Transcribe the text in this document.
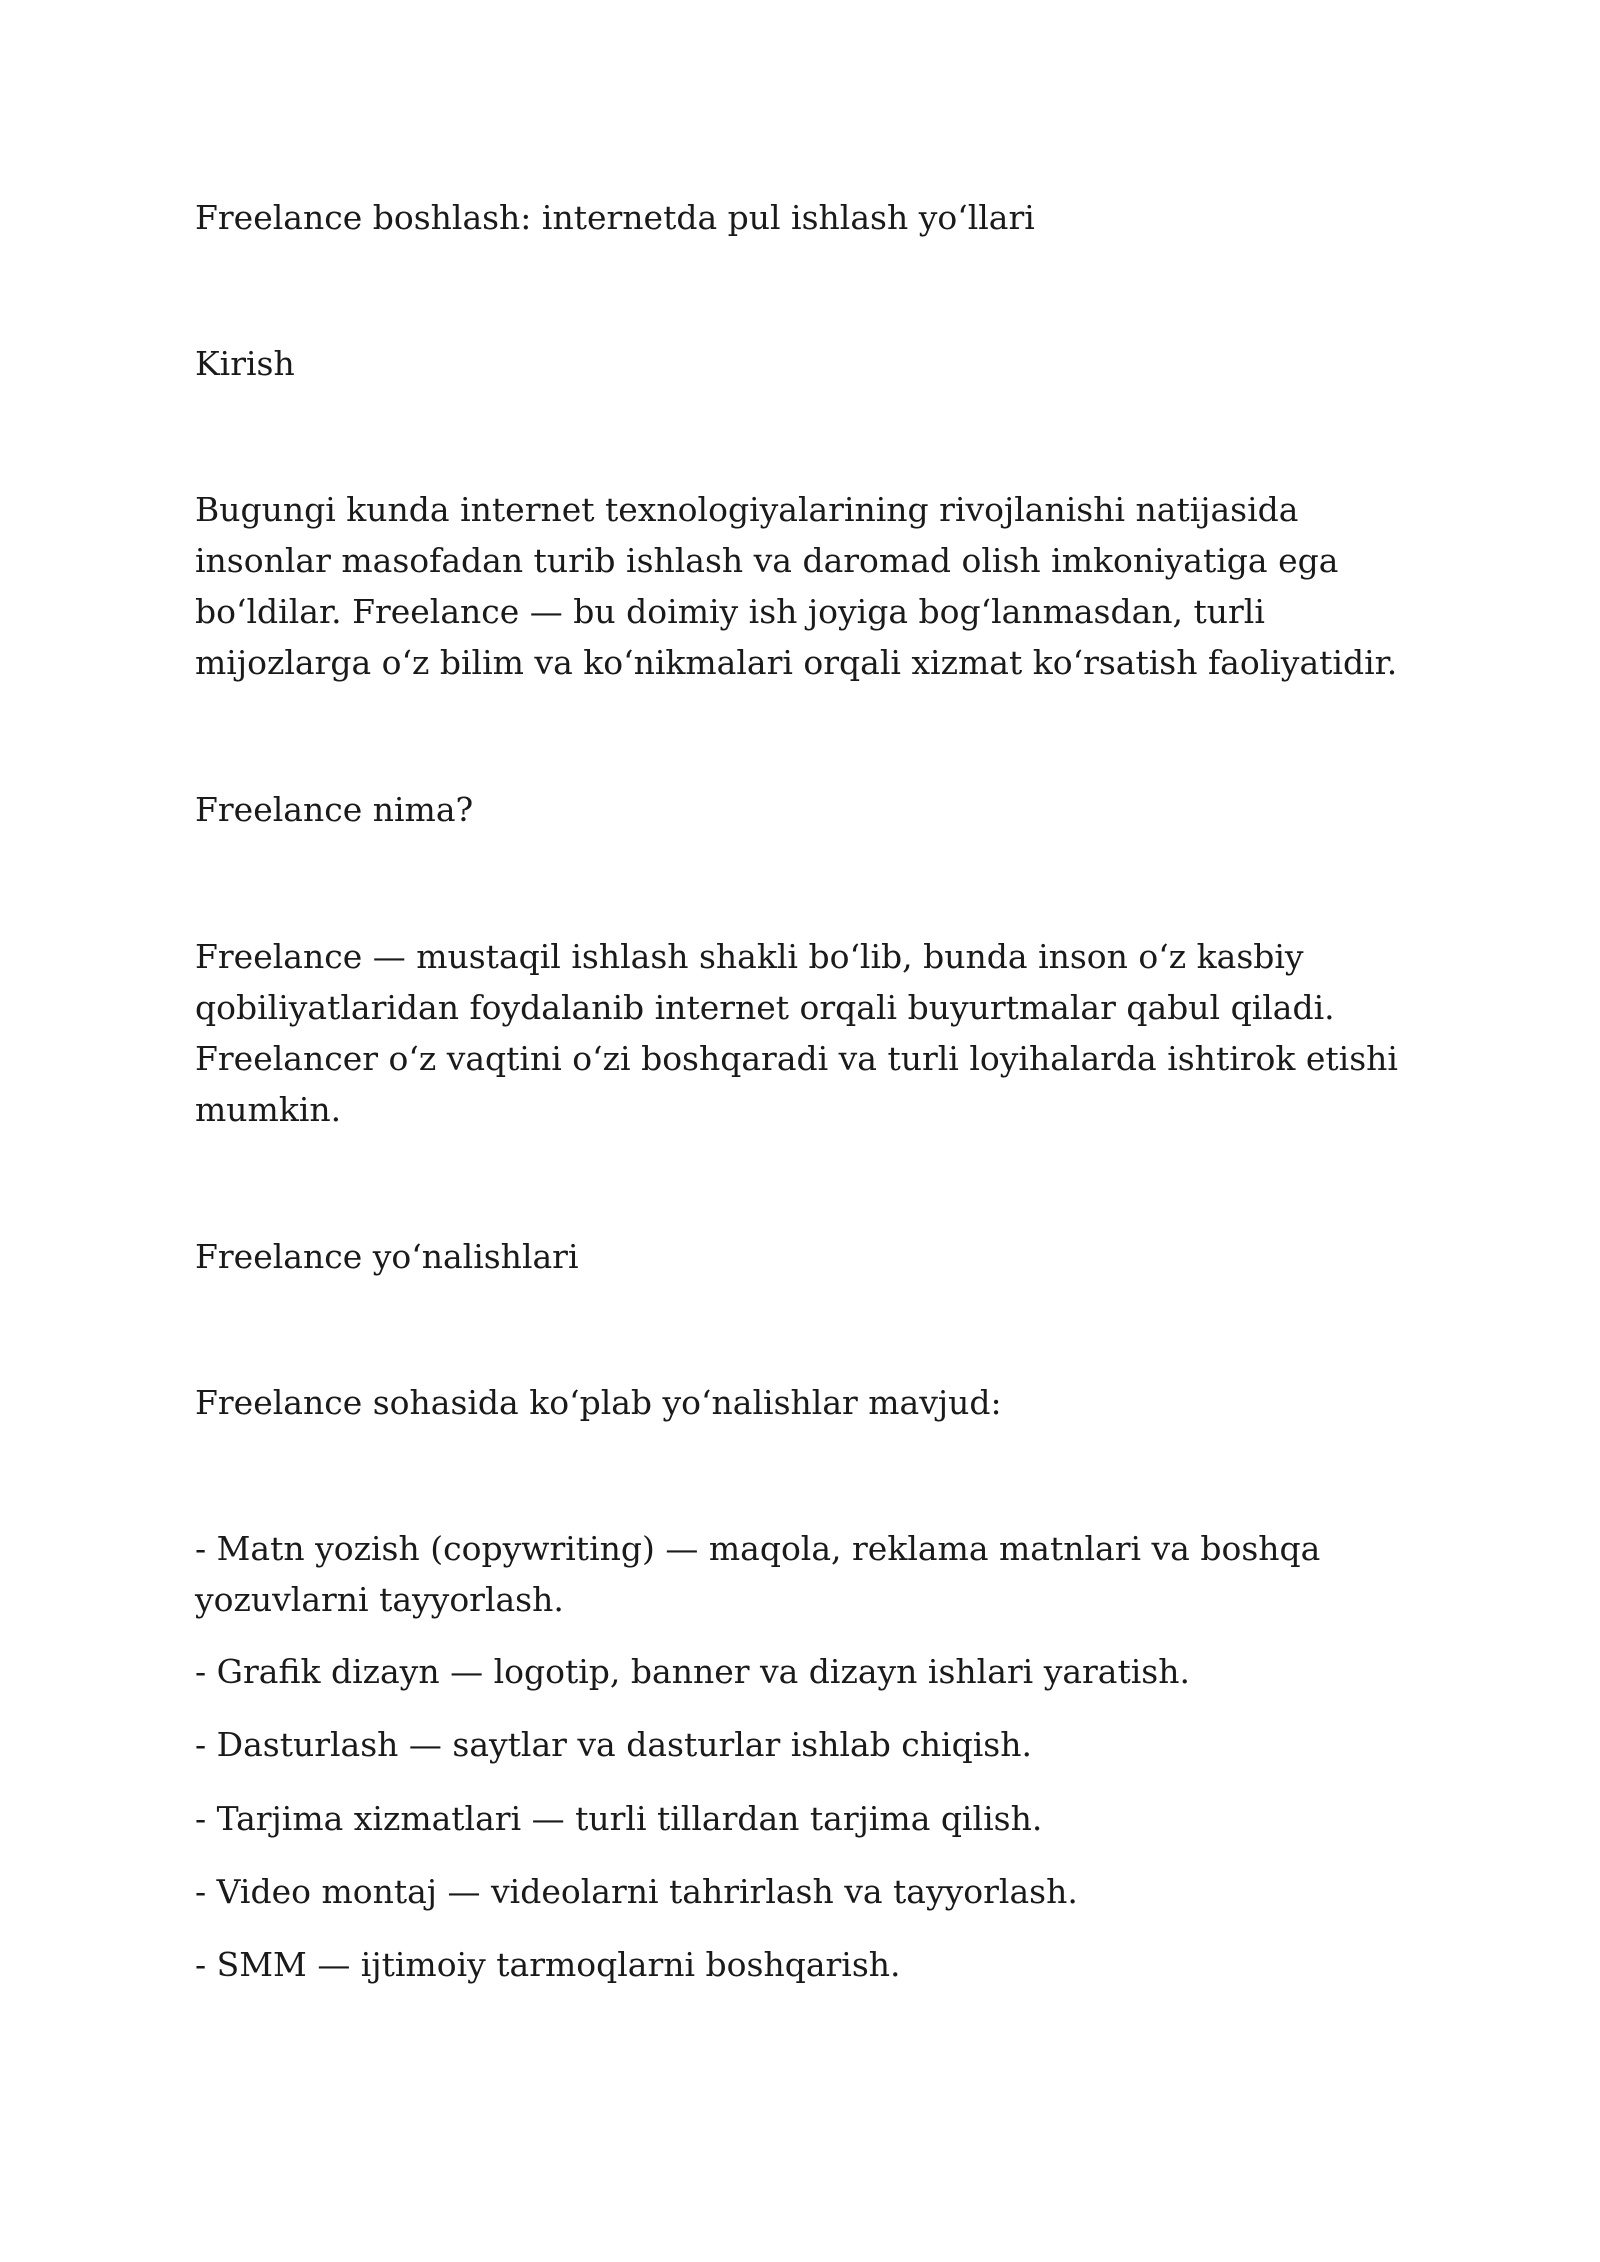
Freelance boshlash: internetda pul ishlash yoʻllari

Kirish

Bugungi kunda internet texnologiyalarining rivojlanishi natijasida insonlar masofadan turib ishlash va daromad olish imkoniyatiga ega boʻldilar. Freelance — bu doimiy ish joyiga bogʻlanmasdan, turli mijozlarga oʻz bilim va koʻnikmalari orqali xizmat koʻrsatish faoliyatidir.

Freelance nima?

Freelance — mustaqil ishlash shakli boʻlib, bunda inson oʻz kasbiy qobiliyatlaridan foydalanib internet orqali buyurtmalar qabul qiladi. Freelancer oʻz vaqtini oʻzi boshqaradi va turli loyihalarda ishtirok etishi mumkin.

Freelance yoʻnalishlari

Freelance sohasida koʻplab yoʻnalishlar mavjud:

- Matn yozish (copywriting) — maqola, reklama matnlari va boshqa yozuvlarni tayyorlash.

- Grafik dizayn — logotip, banner va dizayn ishlari yaratish.

- Dasturlash — saytlar va dasturlar ishlab chiqish.

- Tarjima xizmatlari — turli tillardan tarjima qilish.

- Video montaj — videolarni tahrirlash va tayyorlash.

- SMM — ijtimoiy tarmoqlarni boshqarish.
